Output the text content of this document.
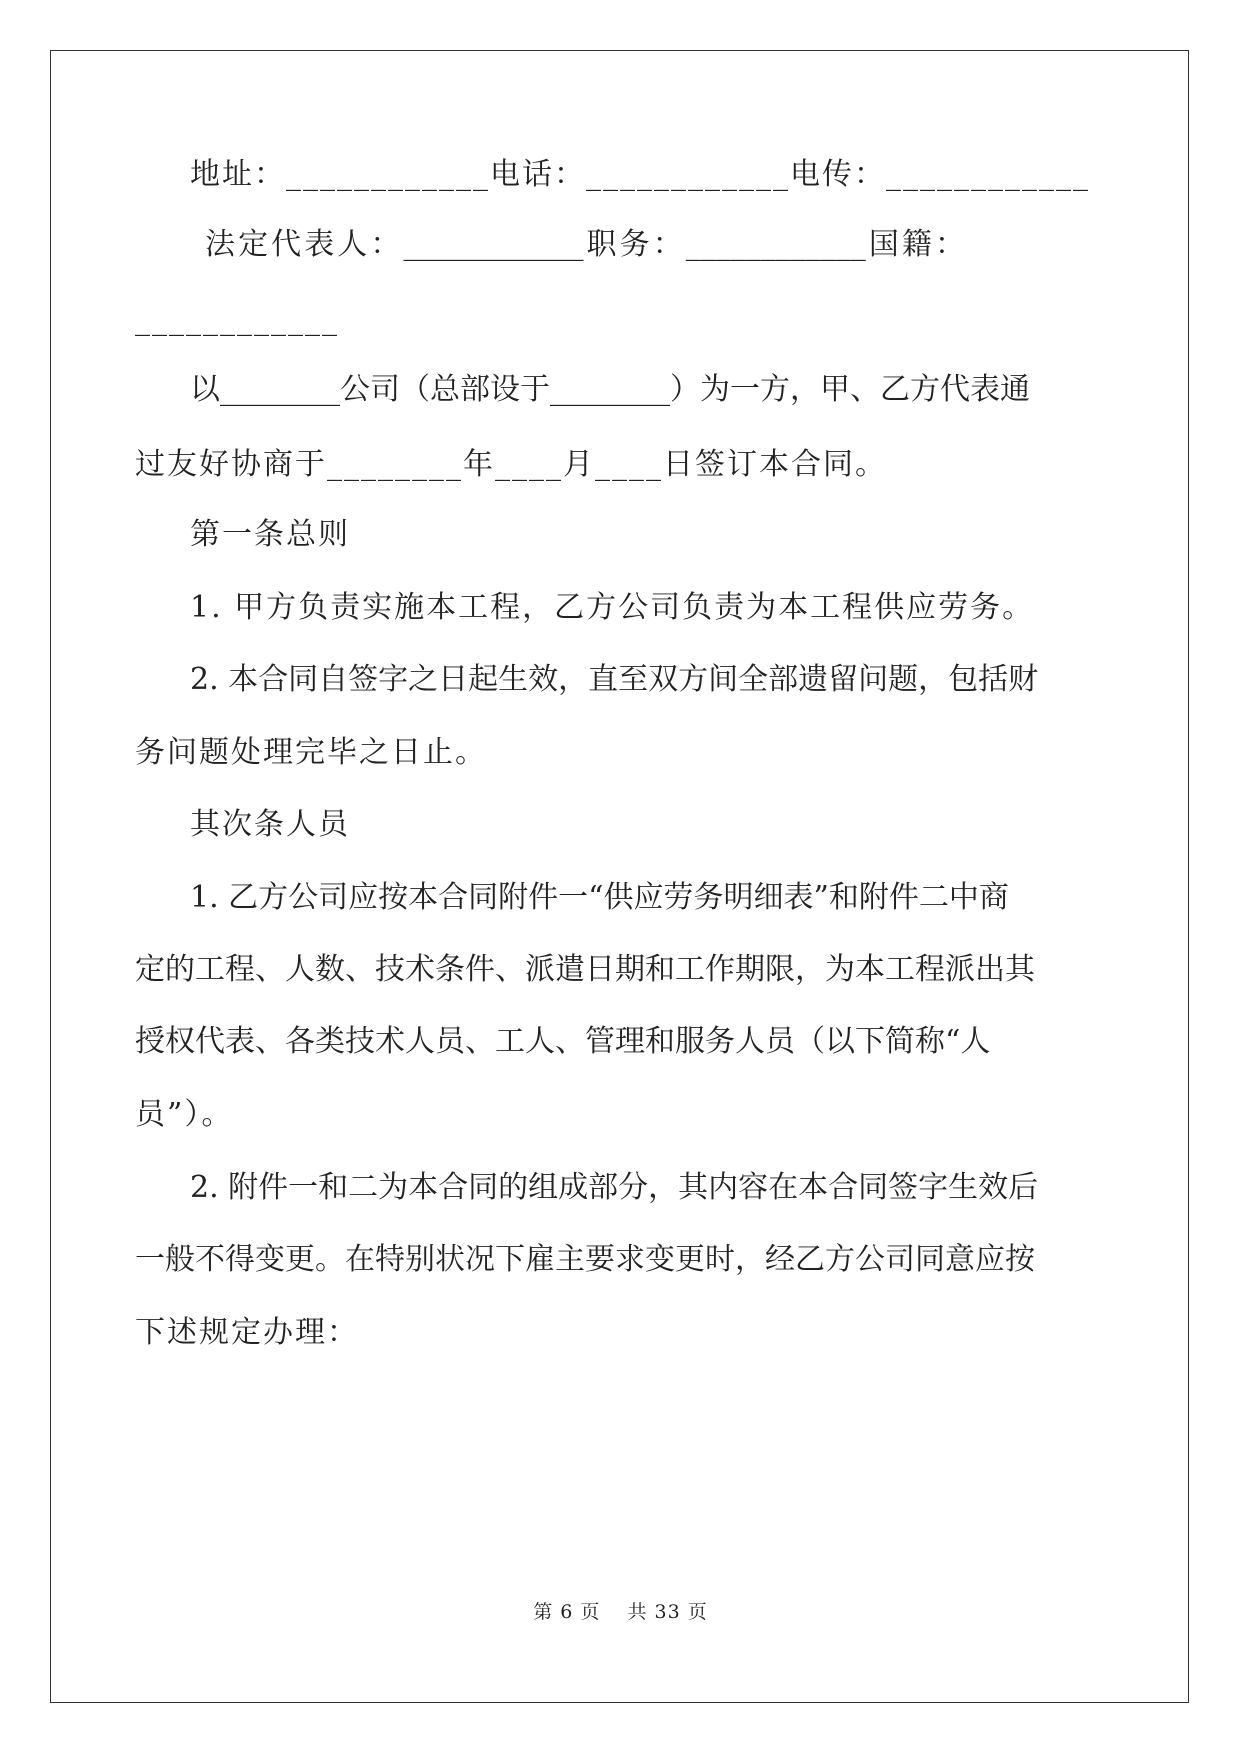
地址：____________电话：____________电传：____________
法定代表人：____________职务：____________国籍：
____________
以________公司（总部设于________）为一方，甲、乙方代表通
过友好协商于________年____月____日签订本合同。
第一条总则
1. 甲方负责实施本工程，乙方公司负责为本工程供应劳务。
2. 本合同自签字之日起生效，直至双方间全部遗留问题，包括财
务问题处理完毕之日止。
其次条人员
1. 乙方公司应按本合同附件一“供应劳务明细表”和附件二中商
定的工程、人数、技术条件、派遣日期和工作期限，为本工程派出其
授权代表、各类技术人员、工人、管理和服务人员（以下简称“人
员”）。
2. 附件一和二为本合同的组成部分，其内容在本合同签字生效后
一般不得变更。在特别状况下雇主要求变更时，经乙方公司同意应按
下述规定办理：
第 6 页　 共 33 页
